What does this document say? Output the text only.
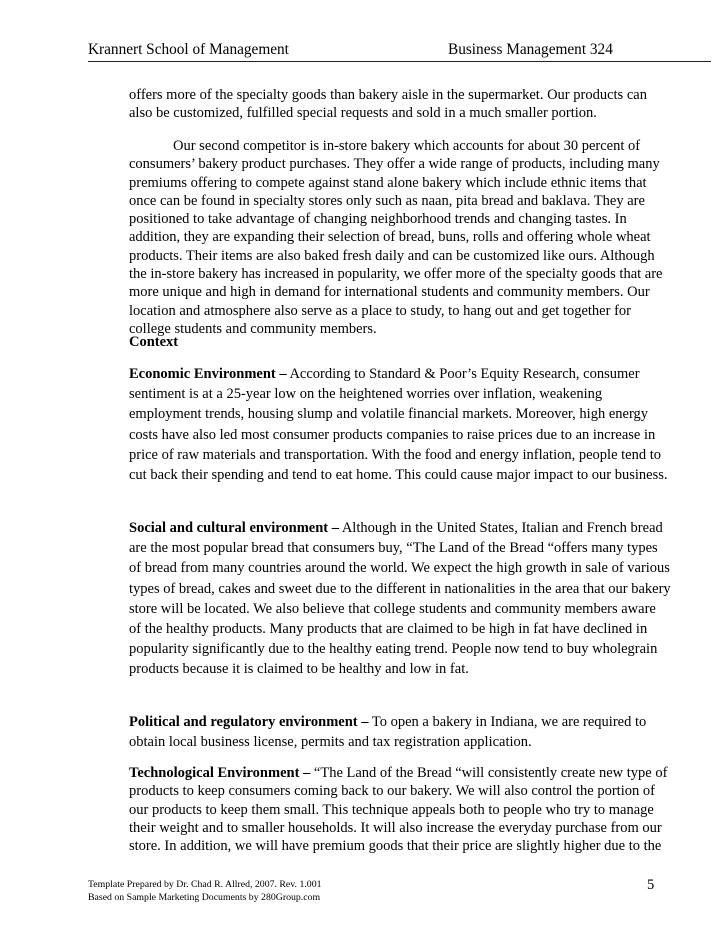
Krannert School of Management	Business Management 324

offers more of the specialty goods than bakery aisle in the supermarket. Our products can

also be customized, fulfilled special requests and sold in a much smaller portion.

Our second competitor is in-store bakery which accounts for about 30 percent of

consumers’ bakery product purchases. They offer a wide range of products, including many

premiums offering to compete against stand alone bakery which include ethnic items that

once can be found in specialty stores only such as naan, pita bread and baklava. They are

positioned to take advantage of changing neighborhood trends and changing tastes. In

addition, they are expanding their selection of bread, buns, rolls and offering whole wheat

products. Their items are also baked fresh daily and can be customized like ours. Although

the in-store bakery has increased in popularity, we offer more of the specialty goods that are

more unique and high in demand for international students and community members. Our

location and atmosphere also serve as a place to study, to hang out and get together for

college students and community members.

Context

Economic Environment – According to Standard & Poor’s Equity Research, consumer

sentiment is at a 25-year low on the heightened worries over inflation, weakening

employment trends, housing slump and volatile financial markets. Moreover, high energy

costs have also led most consumer products companies to raise prices due to an increase in

price of raw materials and transportation. With the food and energy inflation, people tend to

cut back their spending and tend to eat home. This could cause major impact to our business.

Social and cultural environment – Although in the United States, Italian and French bread

are the most popular bread that consumers buy, “The Land of the Bread “offers many types

of bread from many countries around the world. We expect the high growth in sale of various

types of bread, cakes and sweet due to the different in nationalities in the area that our bakery

store will be located. We also believe that college students and community members aware

of the healthy products. Many products that are claimed to be high in fat have declined in

popularity significantly due to the healthy eating trend. People now tend to buy wholegrain

products because it is claimed to be healthy and low in fat.

Political and regulatory environment – To open a bakery in Indiana, we are required to

obtain local business license, permits and tax registration application.

Technological Environment – “The Land of the Bread “will consistently create new type of

products to keep consumers coming back to our bakery. We will also control the portion of

our products to keep them small. This technique appeals both to people who try to manage

their weight and to smaller households. It will also increase the everyday purchase from our

store. In addition, we will have premium goods that their price are slightly higher due to the

Template Prepared by Dr. Chad R. Allred, 2007. Rev. 1.001
Based on Sample Marketing Documents by 280Group.com
5
